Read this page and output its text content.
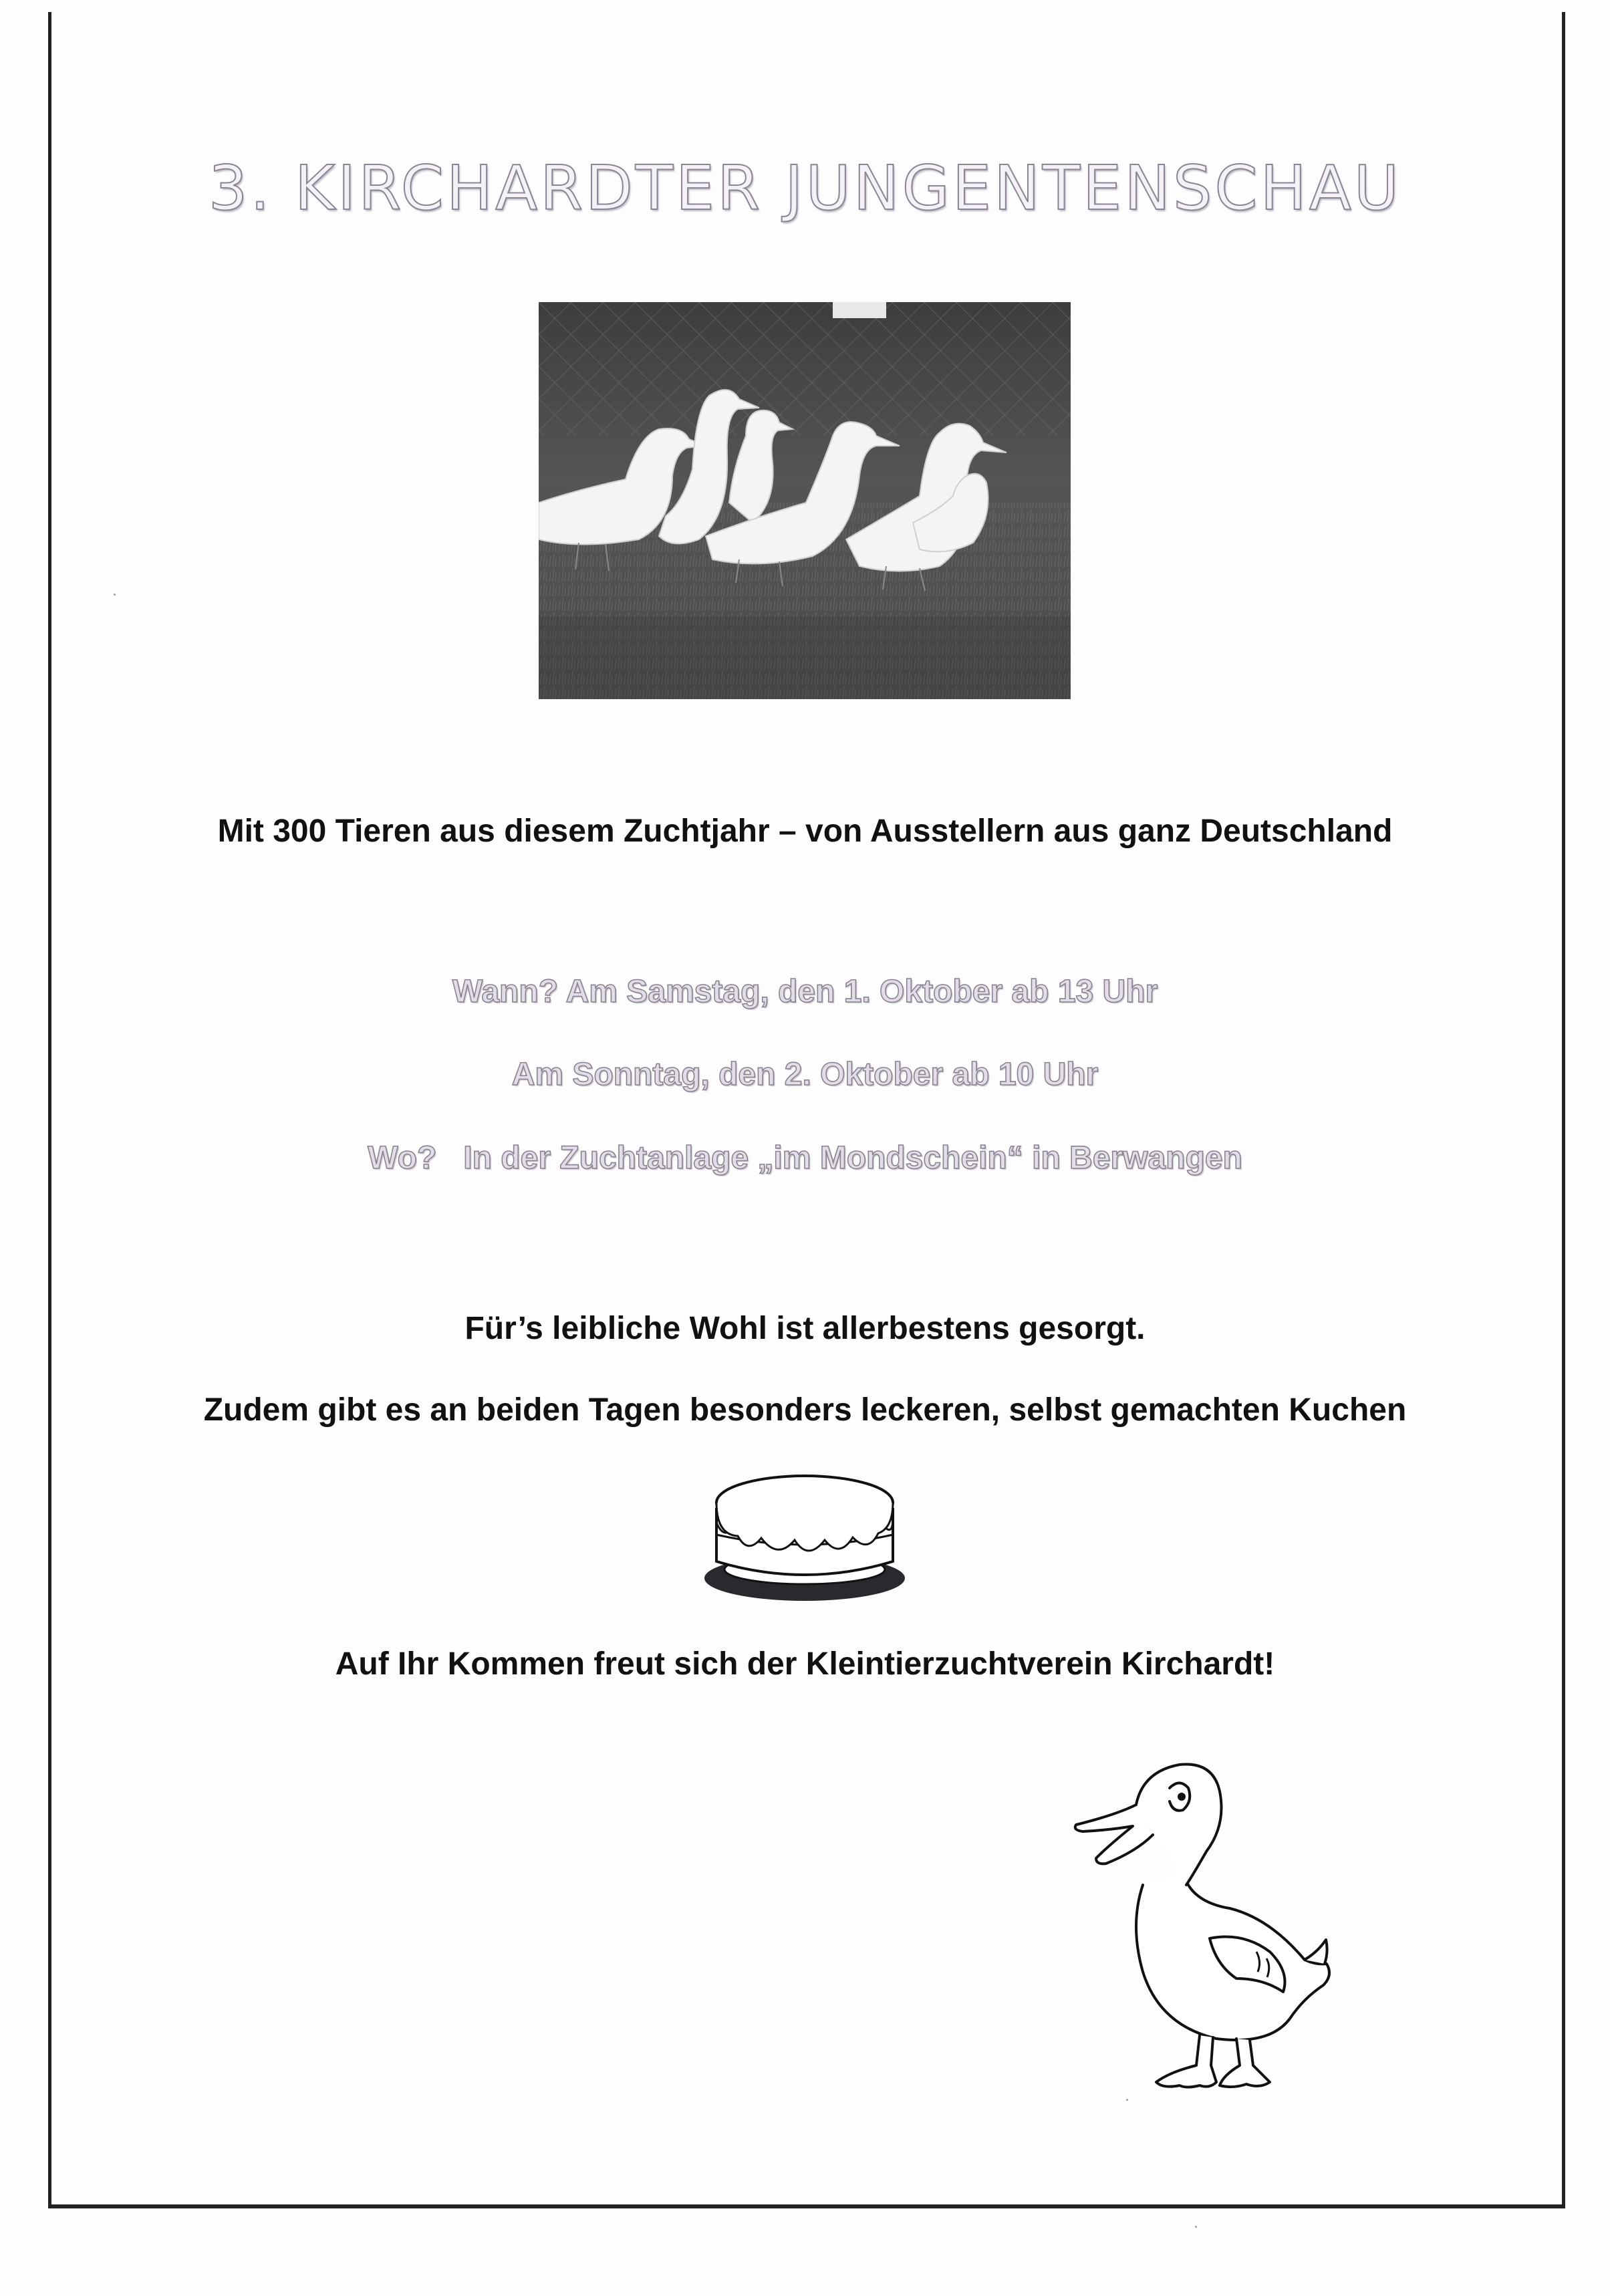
3. KIRCHARDTER JUNGENTENSCHAU

Mit 300 Tieren aus diesem Zuchtjahr – von Ausstellern aus ganz Deutschland

Wann? Am Samstag, den 1. Oktober ab 13 Uhr

Am Sonntag, den 2. Oktober ab 10 Uhr

Wo?   In der Zuchtanlage „im Mondschein“ in Berwangen

Für’s leibliche Wohl ist allerbestens gesorgt.

Zudem gibt es an beiden Tagen besonders leckeren, selbst gemachten Kuchen

Auf Ihr Kommen freut sich der Kleintierzuchtverein Kirchardt!
